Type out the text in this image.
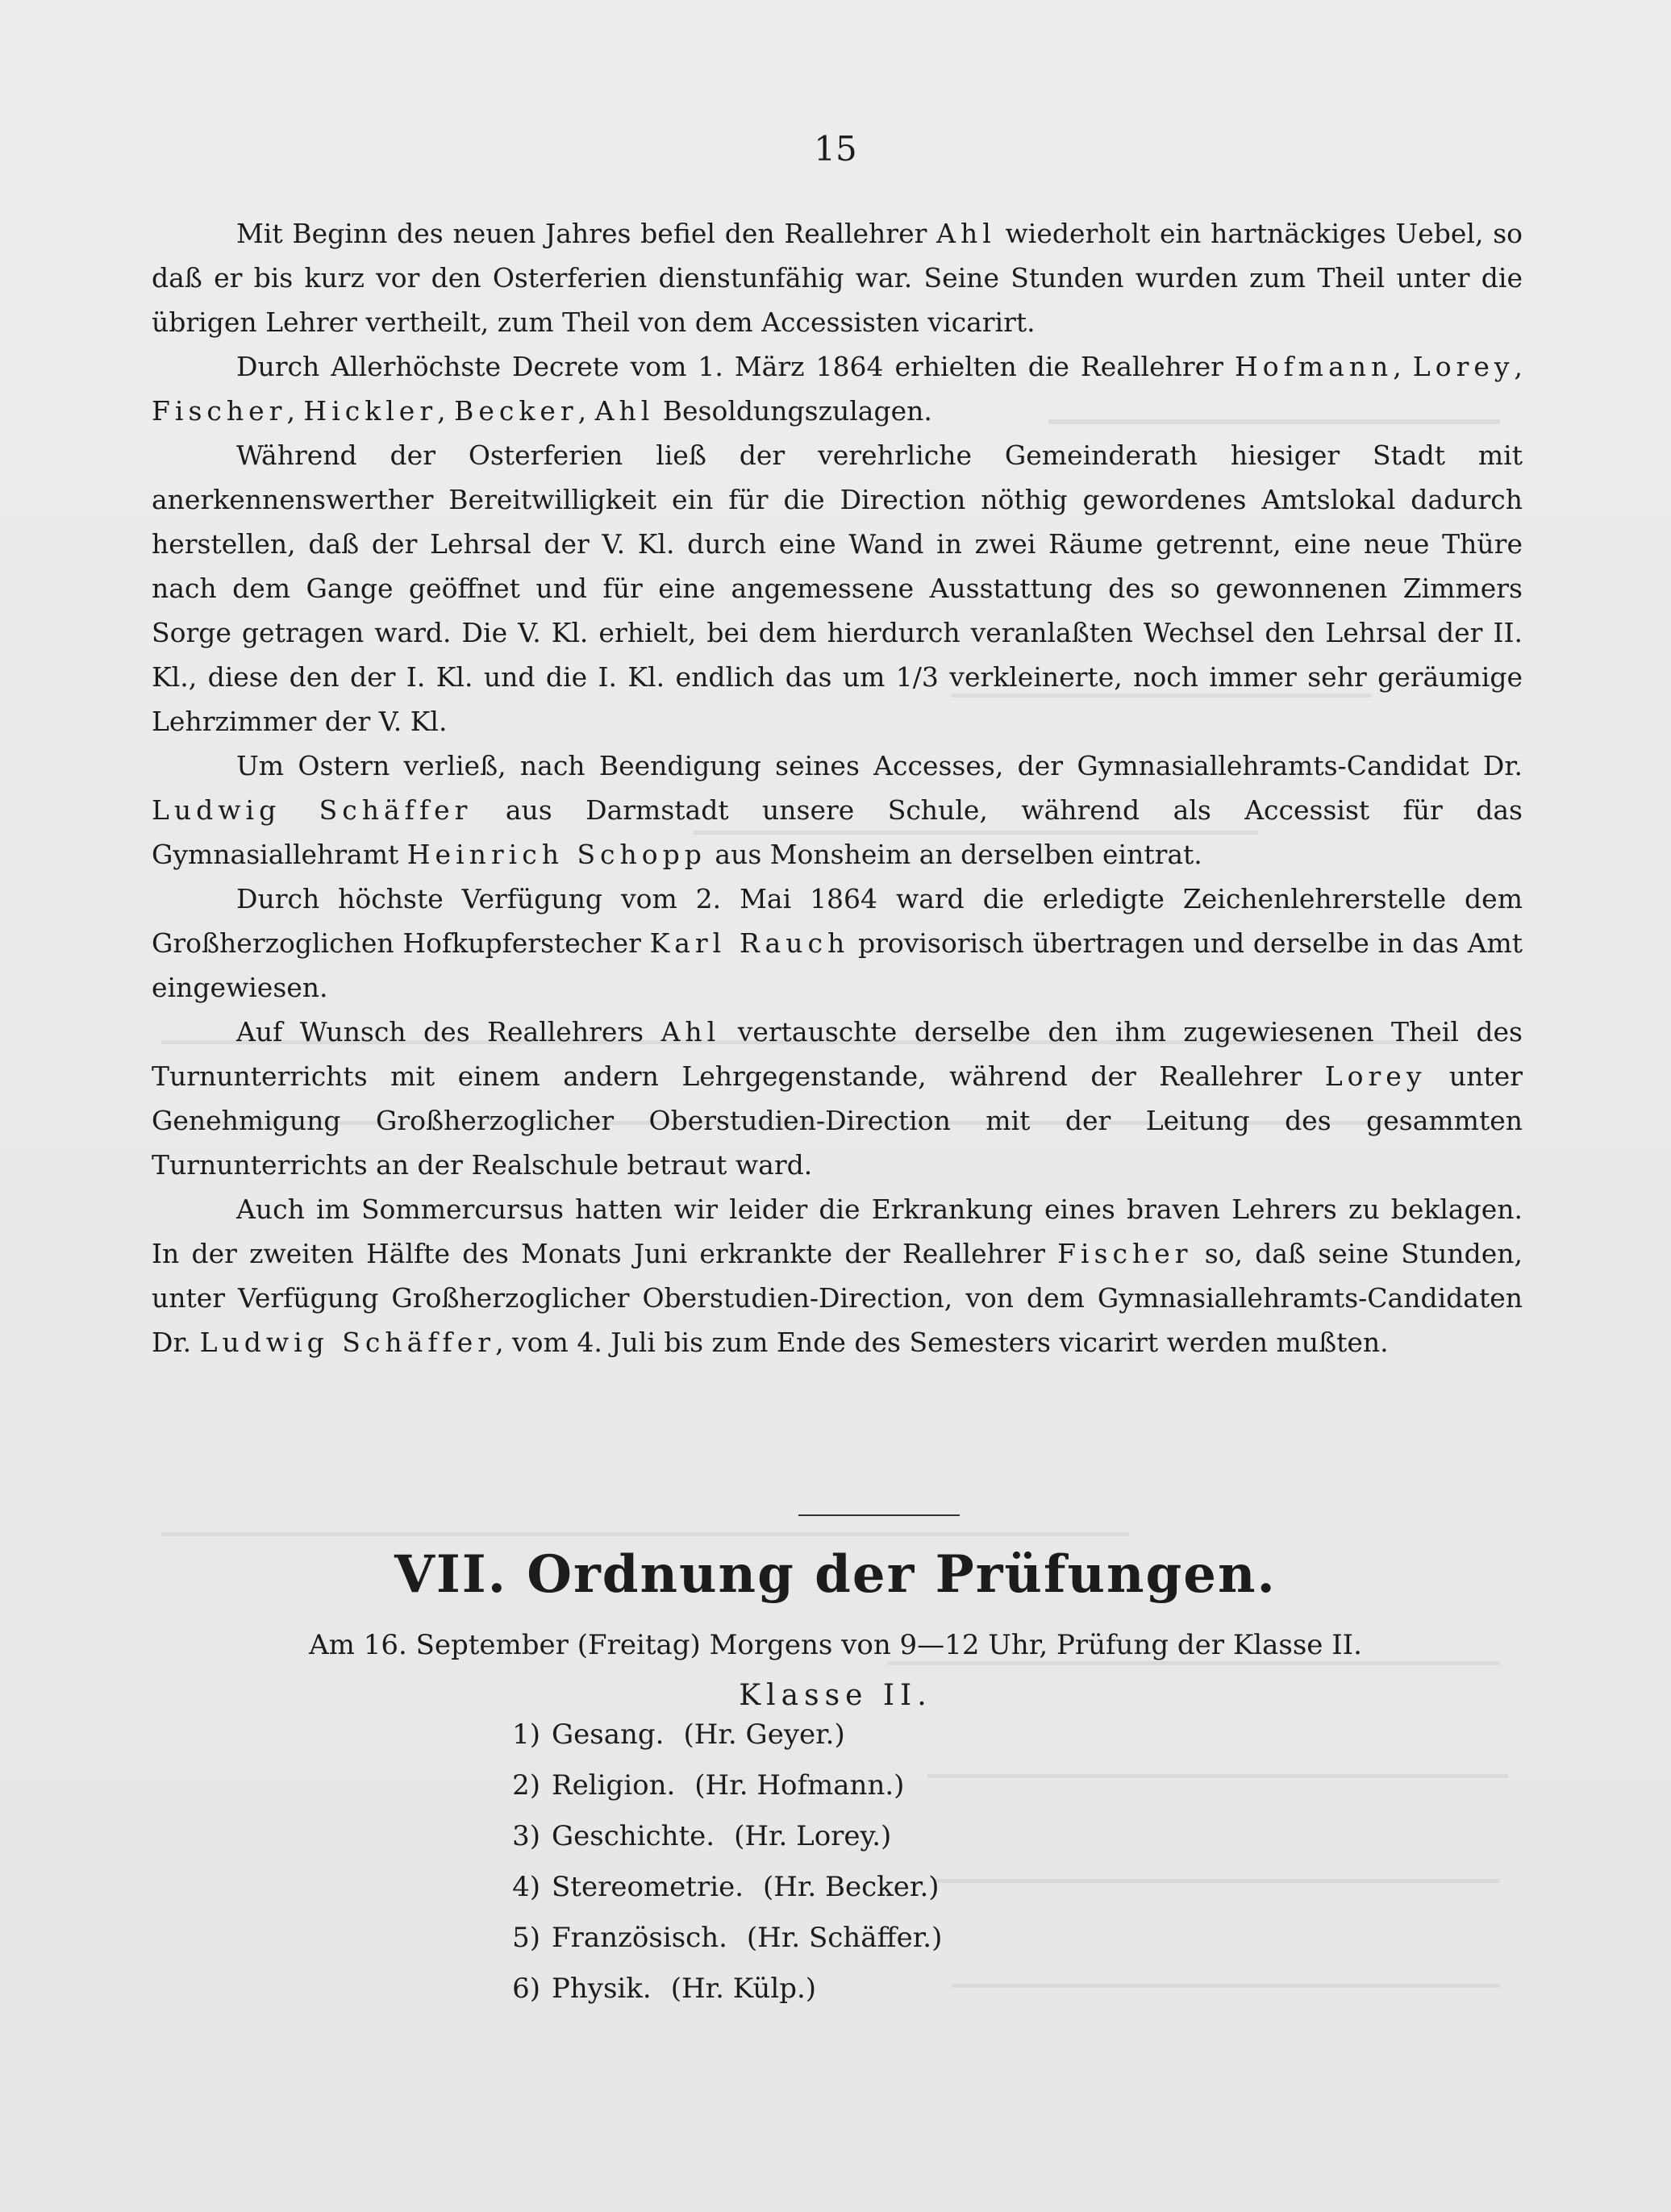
15

Mit Beginn des neuen Jahres befiel den Reallehrer Ahl wiederholt ein hartnäckiges Uebel, so daß er bis kurz vor den Osterferien dienstunfähig war. Seine Stunden wurden zum Theil unter die übrigen Lehrer vertheilt, zum Theil von dem Accessisten vicarirt.

Durch Allerhöchste Decrete vom 1. März 1864 erhielten die Reallehrer Hofmann, Lorey, Fischer, Hickler, Becker, Ahl Besoldungszulagen.

Während der Osterferien ließ der verehrliche Gemeinderath hiesiger Stadt mit anerkennenswerther Bereitwilligkeit ein für die Direction nöthig gewordenes Amtslokal dadurch herstellen, daß der Lehrsal der V. Kl. durch eine Wand in zwei Räume getrennt, eine neue Thüre nach dem Gange geöffnet und für eine angemessene Ausstattung des so gewonnenen Zimmers Sorge getragen ward. Die V. Kl. erhielt, bei dem hierdurch veranlaßten Wechsel den Lehrsal der II. Kl., diese den der I. Kl. und die I. Kl. endlich das um 1/3 verkleinerte, noch immer sehr geräumige Lehrzimmer der V. Kl.

Um Ostern verließ, nach Beendigung seines Accesses, der Gymnasiallehramts-Candidat Dr. Ludwig Schäffer aus Darmstadt unsere Schule, während als Accessist für das Gymnasiallehramt Heinrich Schopp aus Monsheim an derselben eintrat.

Durch höchste Verfügung vom 2. Mai 1864 ward die erledigte Zeichenlehrerstelle dem Großherzoglichen Hofkupferstecher Karl Rauch provisorisch übertragen und derselbe in das Amt eingewiesen.

Auf Wunsch des Reallehrers Ahl vertauschte derselbe den ihm zugewiesenen Theil des Turnunterrichts mit einem andern Lehrgegenstande, während der Reallehrer Lorey unter Genehmigung Großherzoglicher Oberstudien-Direction mit der Leitung des gesammten Turnunterrichts an der Realschule betraut ward.

Auch im Sommercursus hatten wir leider die Erkrankung eines braven Lehrers zu beklagen. In der zweiten Hälfte des Monats Juni erkrankte der Reallehrer Fischer so, daß seine Stunden, unter Verfügung Großherzoglicher Oberstudien-Direction, von dem Gymnasiallehramts-Candidaten Dr. Ludwig Schäffer, vom 4. Juli bis zum Ende des Semesters vicarirt werden mußten.

VII. Ordnung der Prüfungen.
Am 16. September (Freitag) Morgens von 9—12 Uhr, Prüfung der Klasse II.
Klasse II.
1) Gesang. (Hr. Geyer.)
2) Religion. (Hr. Hofmann.)
3) Geschichte. (Hr. Lorey.)
4) Stereometrie. (Hr. Becker.)
5) Französisch. (Hr. Schäffer.)
6) Physik. (Hr. Külp.)
